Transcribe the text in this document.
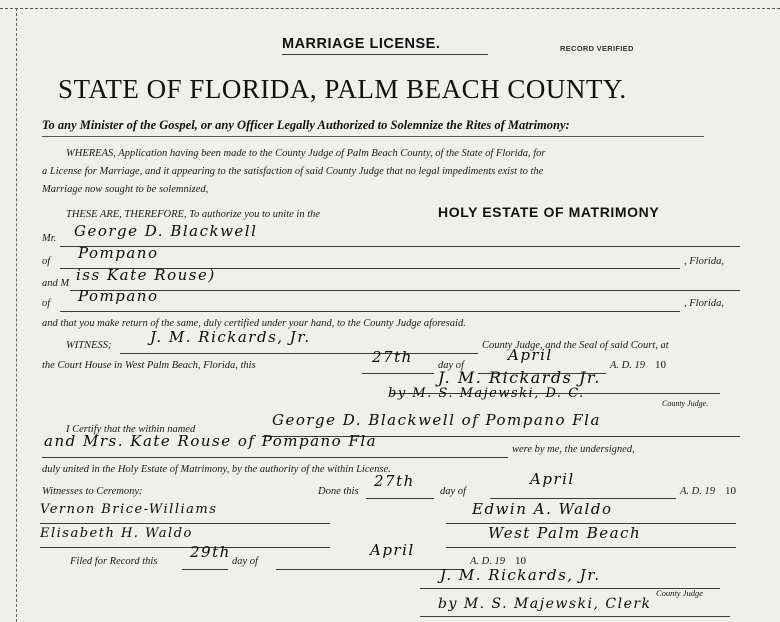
MARRIAGE LICENSE.	RECORD VERIFIED
STATE OF FLORIDA, PALM BEACH COUNTY.
To any Minister of the Gospel, or any Officer Legally Authorized to Solemnize the Rites of Matrimony:
WHEREAS, Application having been made to the County Judge of Palm Beach County, of the State of Florida, for
a License for Marriage, and it appearing to the satisfaction of said County Judge that no legal impediments exist to the
Marriage now sought to be solemnized,
THESE ARE, THEREFORE, To authorize you to unite in the	HOLY ESTATE OF MATRIMONY
Mr. George D. Blackwell
of Pompano	, Florida,
and M iss Kate Rouse)
of Pompano	, Florida,
and that you make return of the same, duly certified under your hand, to the County Judge aforesaid.
WITNESS;	J. M. Rickards, Jr.	County Judge, and the Seal of said Court, at
the Court House in West Palm Beach, Florida, this	27th day of
April
A. D. 19 10
J. M. Rickards Jr.
by M. S. Majewski, D. C.
County Judge.
I Certify that the within named
George D. Blackwell of Pompano Fla
and Mrs. Kate Rouse of Pompano Fla	were by me, the undersigned,
duly united in the Holy Estate of Matrimony, by the authority of the within License.
Witnesses to Ceremony:	Done this
27th
day of
April
A. D. 19 10
Vernon Brice-Williams	Edwin A. Waldo
Elisabeth H. Waldo	West Palm Beach
Filed for Record this
29th
day of
April
A. D. 19 10
J. M. Rickards, Jr.
County Judge
by M. S. Majewski, Clerk
